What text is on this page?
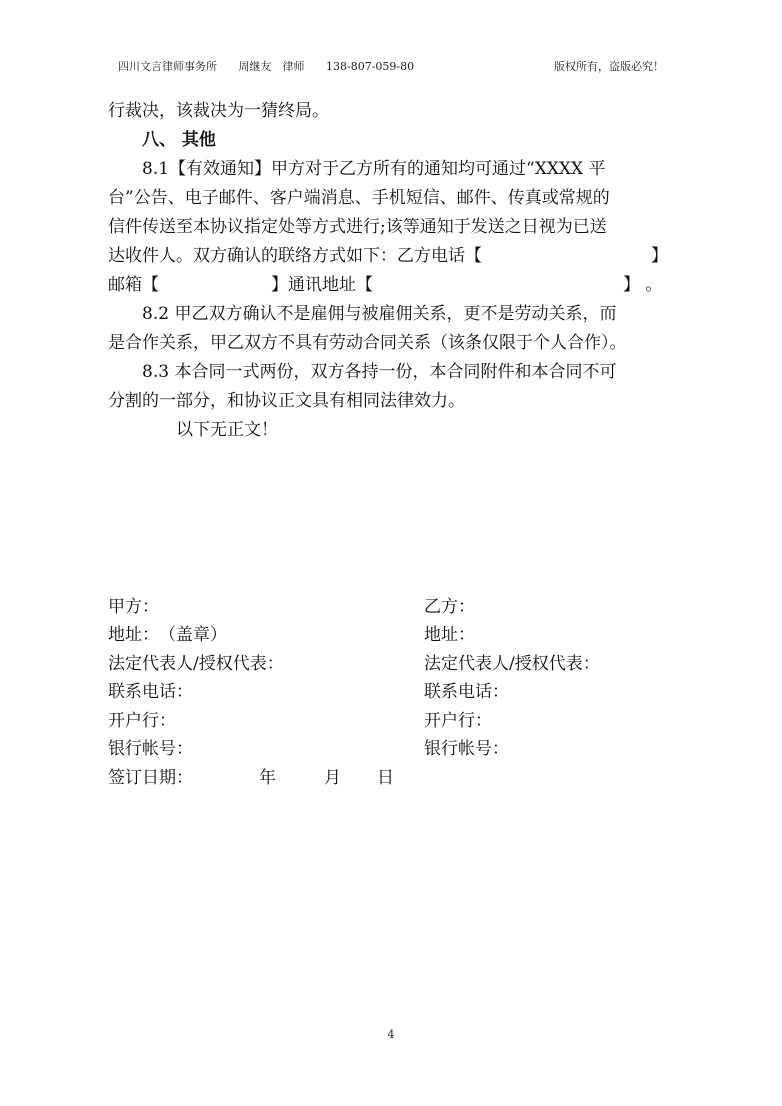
四川文言律师事务所 周继友　律师 138-807-059-80	版权所有，盗版必究！
行裁决，该裁决为一猜终局。
八、 其他
8.1【有效通知】甲方对于乙方所有的通知均可通过“XXXX 平
台”公告、电子邮件、客户端消息、手机短信、邮件、传真或常规的
信件传送至本协议指定处等方式进行;该等通知于发送之日视为已送
达收件人。双方确认的联络方式如下：乙方电话【	】
邮箱【	】通讯地址【	】 。
8.2 甲乙双方确认不是雇佣与被雇佣关系，更不是劳动关系，而
是合作关系，甲乙双方不具有劳动合同关系（该条仅限于个人合作）。
8.3 本合同一式两份，双方各持一份，本合同附件和本合同不可
分割的一部分，和协议正文具有相同法律效力。
以下无正文！
甲方：	乙方：
地址：　（盖章）	地址：
法定代表人/授权代表：	法定代表人/授权代表：
联系电话：	联系电话：
开户行：	开户行：
银行帐号：	银行帐号：
签订日期：	年	月 日
4
